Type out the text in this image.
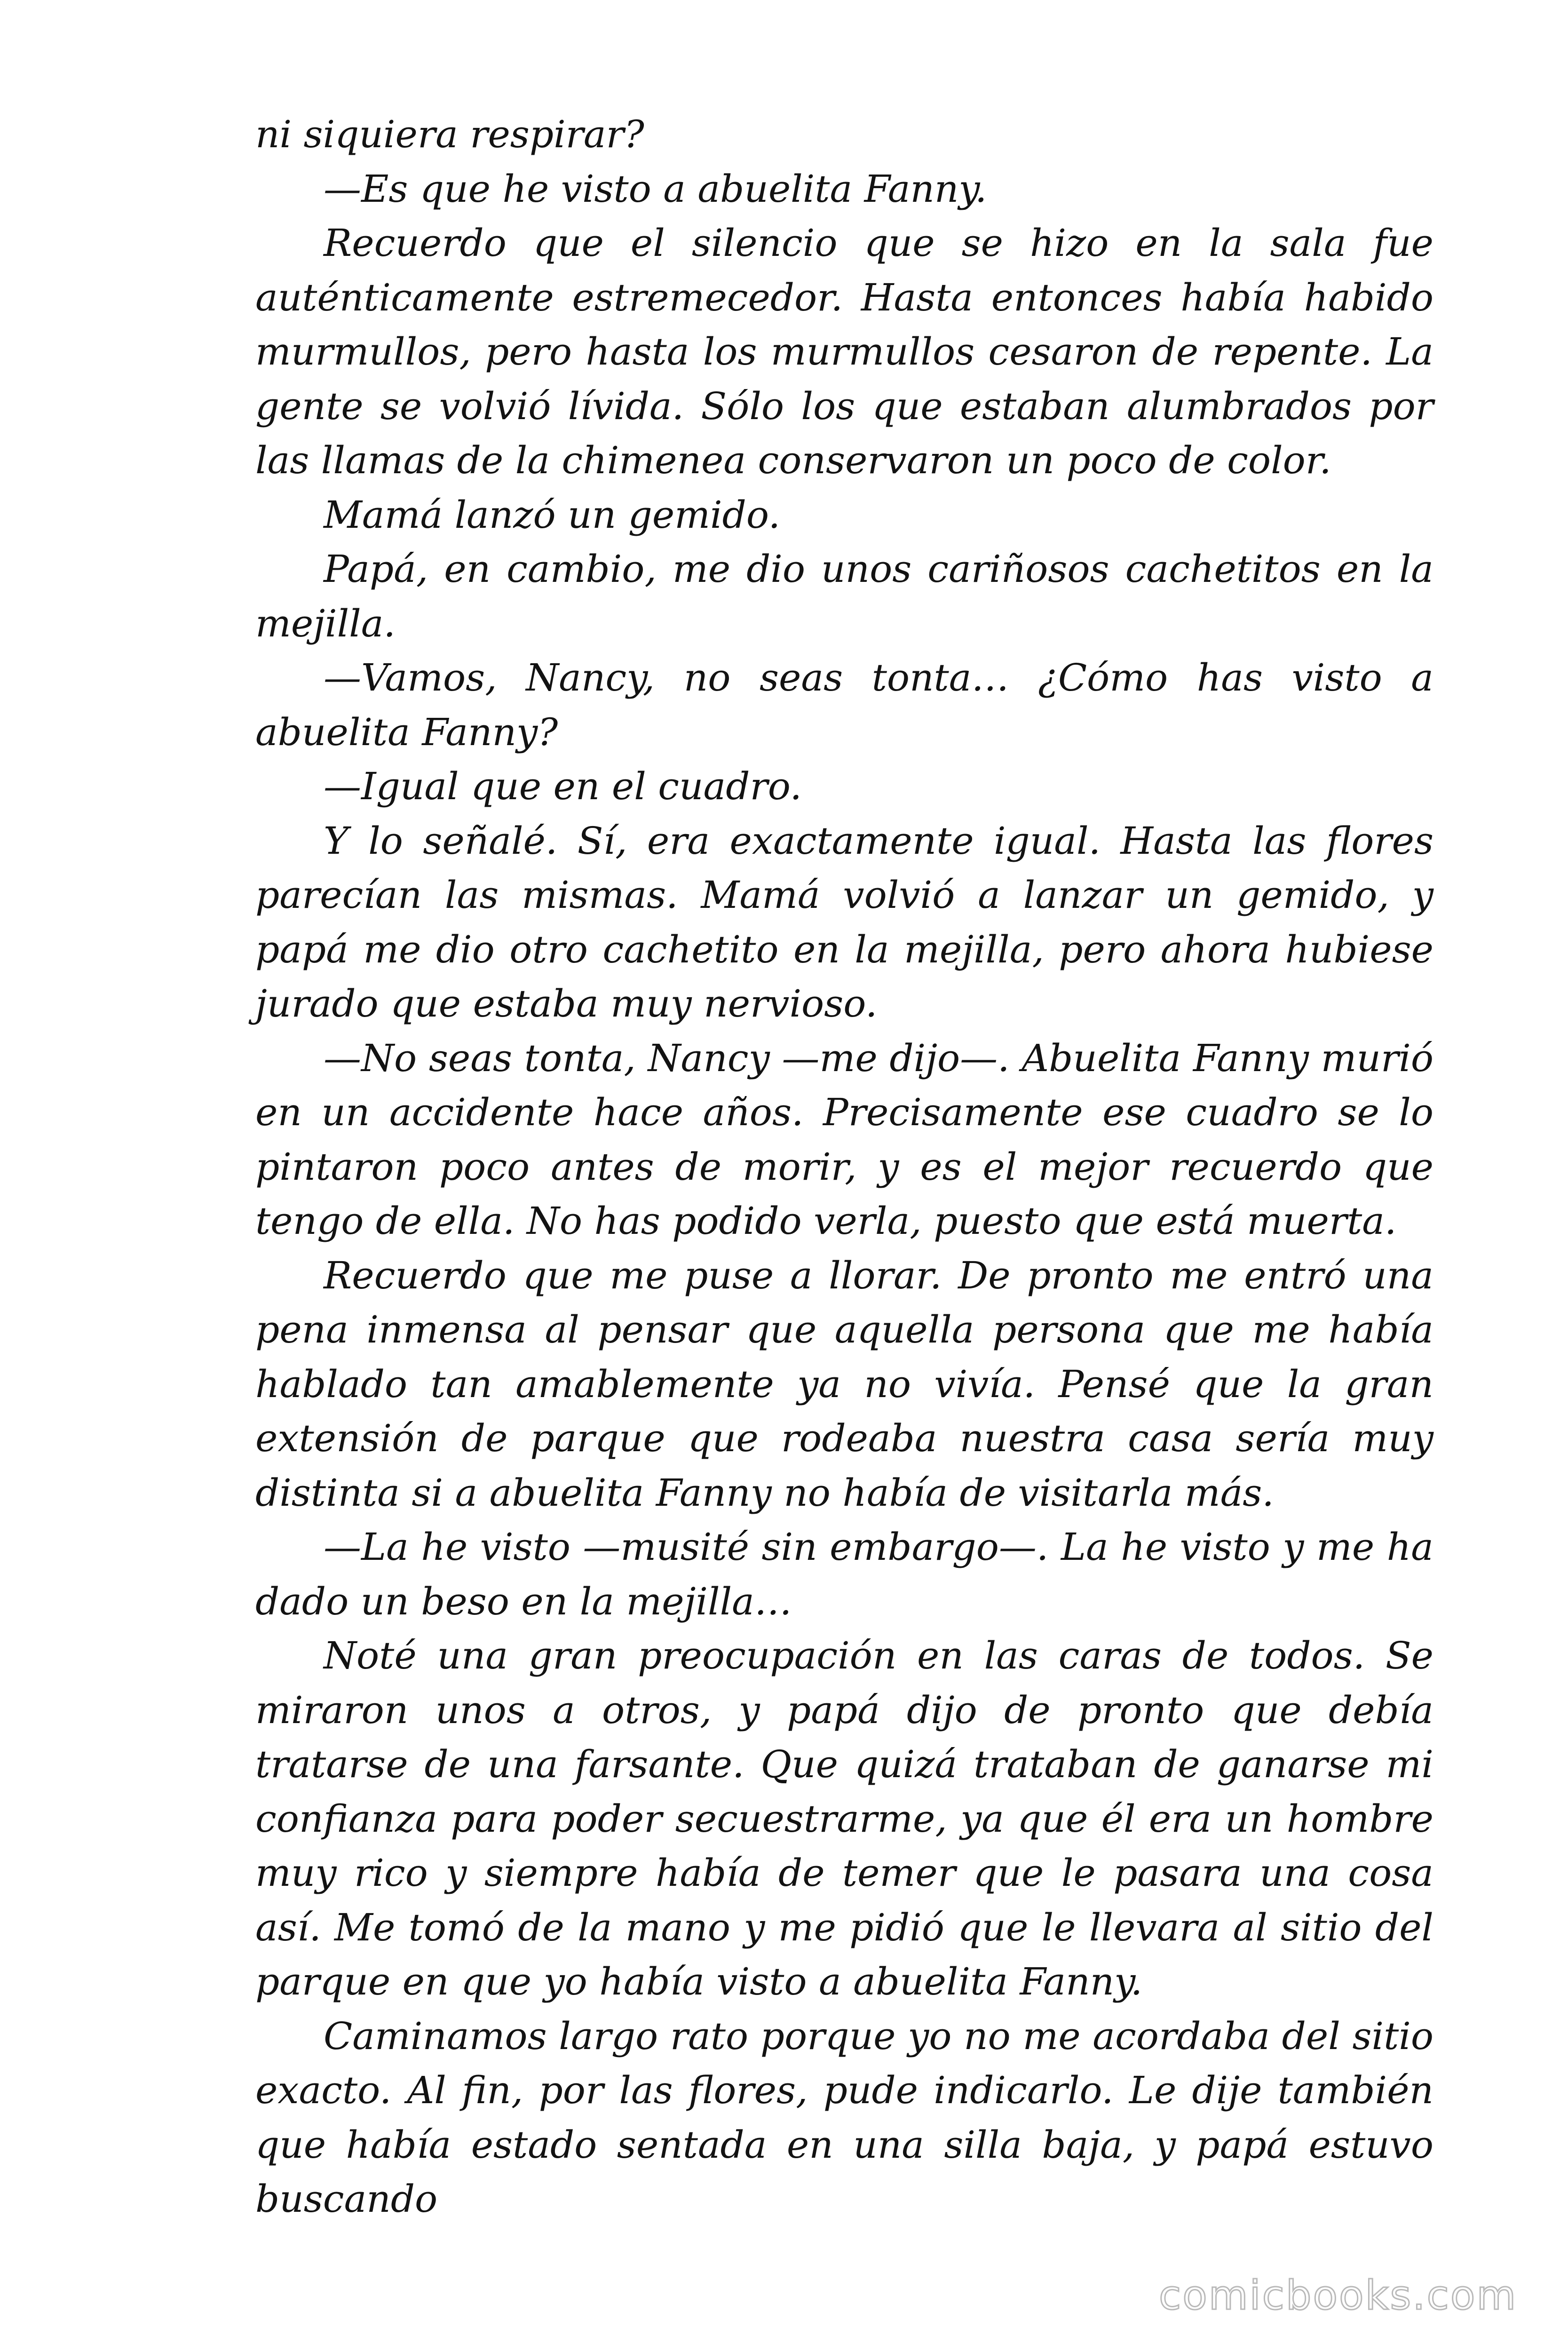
ni siquiera respirar?

—Es que he visto a abuelita Fanny.

Recuerdo que el silencio que se hizo en la sala fue auténticamente estremecedor. Hasta entonces había habido murmullos, pero hasta los murmullos cesaron de repente. La gente se volvió lívida. Sólo los que estaban alumbrados por las llamas de la chimenea conservaron un poco de color.

Mamá lanzó un gemido.

Papá, en cambio, me dio unos cariñosos cachetitos en la mejilla.

—Vamos, Nancy, no seas tonta… ¿Cómo has visto a abuelita Fanny?

—Igual que en el cuadro.

Y lo señalé. Sí, era exactamente igual. Hasta las flores parecían las mismas. Mamá volvió a lanzar un gemido, y papá me dio otro cachetito en la mejilla, pero ahora hubiese jurado que estaba muy nervioso.

—No seas tonta, Nancy —me dijo—. Abuelita Fanny murió en un accidente hace años. Precisamente ese cuadro se lo pintaron poco antes de morir, y es el mejor recuerdo que tengo de ella. No has podido verla, puesto que está muerta.

Recuerdo que me puse a llorar. De pronto me entró una pena inmensa al pensar que aquella persona que me había hablado tan amablemente ya no vivía. Pensé que la gran extensión de parque que rodeaba nuestra casa sería muy distinta si a abuelita Fanny no había de visitarla más.

—La he visto —musité sin embargo—. La he visto y me ha dado un beso en la mejilla…

Noté una gran preocupación en las caras de todos. Se miraron unos a otros, y papá dijo de pronto que debía tratarse de una farsante. Que quizá trataban de ganarse mi confianza para poder secuestrarme, ya que él era un hombre muy rico y siempre había de temer que le pasara una cosa así. Me tomó de la mano y me pidió que le llevara al sitio del parque en que yo había visto a abuelita Fanny.

Caminamos largo rato porque yo no me acordaba del sitio exacto. Al fin, por las flores, pude indicarlo. Le dije también que había estado sentada en una silla baja, y papá estuvo buscando

comicbooks.com
